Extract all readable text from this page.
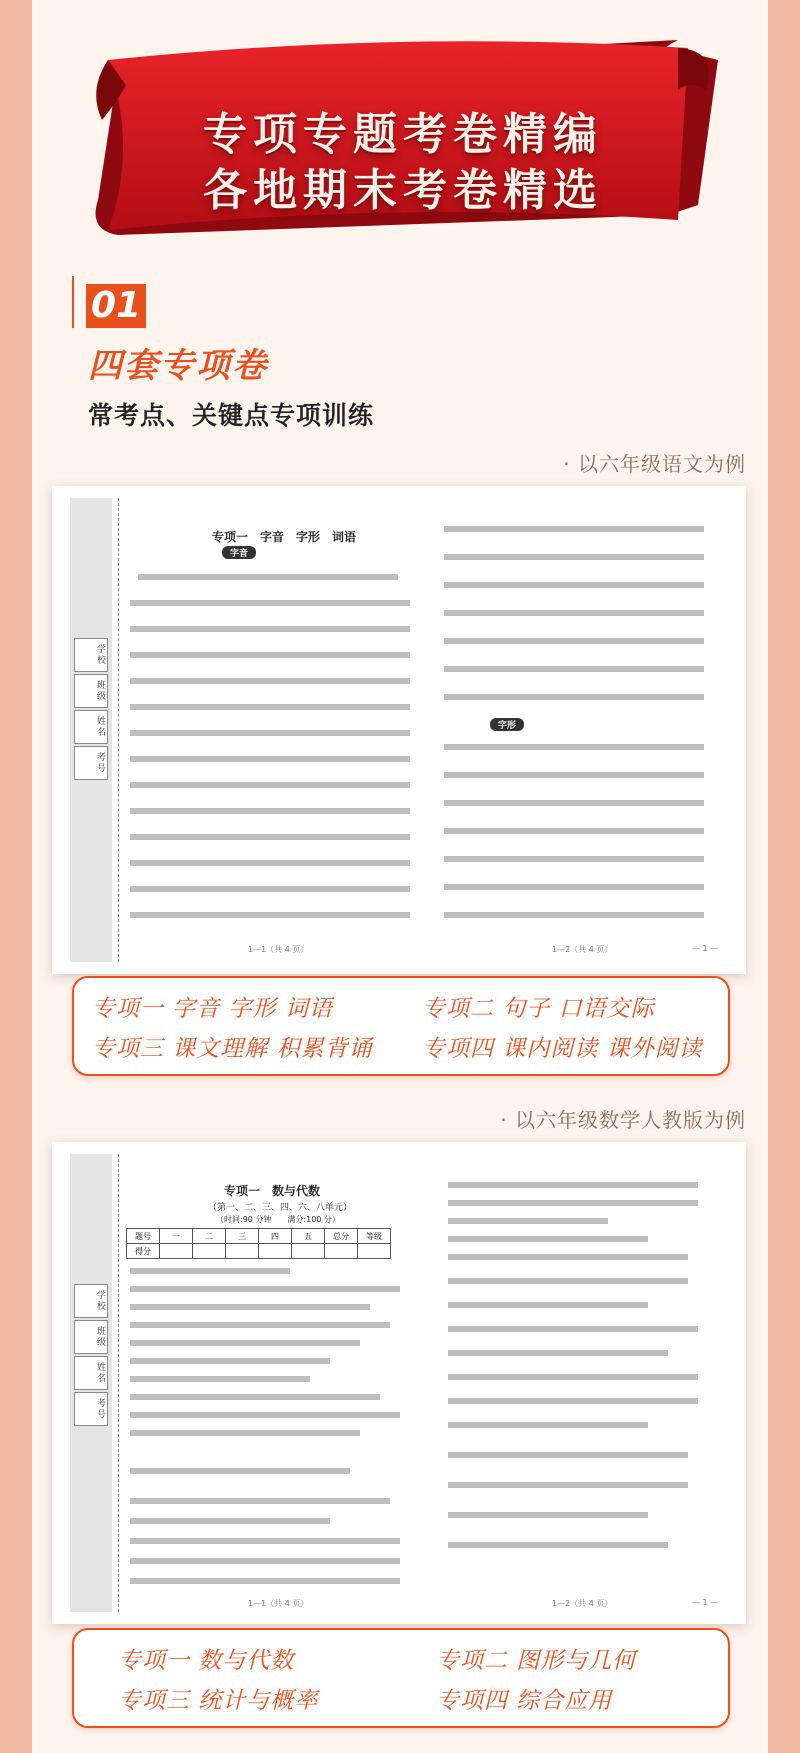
专项专题考卷精编
各地期末考卷精选
01
四套专项卷
常考点、关键点专项训练
· 以六年级语文为例
学校
班级
姓名
考号
专项一　字音　字形　词语
字音
字形
1—1（共 4 页）	1—2（共 4 页）	— 1 —
专项一 字音 字形 词语	专项二 句子 口语交际
专项三 课文理解 积累背诵 专项四 课内阅读 课外阅读
· 以六年级数学人教版为例
学校
班级
姓名
考号
专项一　数与代数
（第一、二、三、四、六、八单元）
（时间:90 分钟　　满分:100 分）
题号	一	二	三	四	五	总分	等级
得分							
1—1（共 4 页）	1—2（共 4 页）	— 1 —
专项一 数与代数	专项二 图形与几何
专项三 统计与概率	专项四 综合应用
